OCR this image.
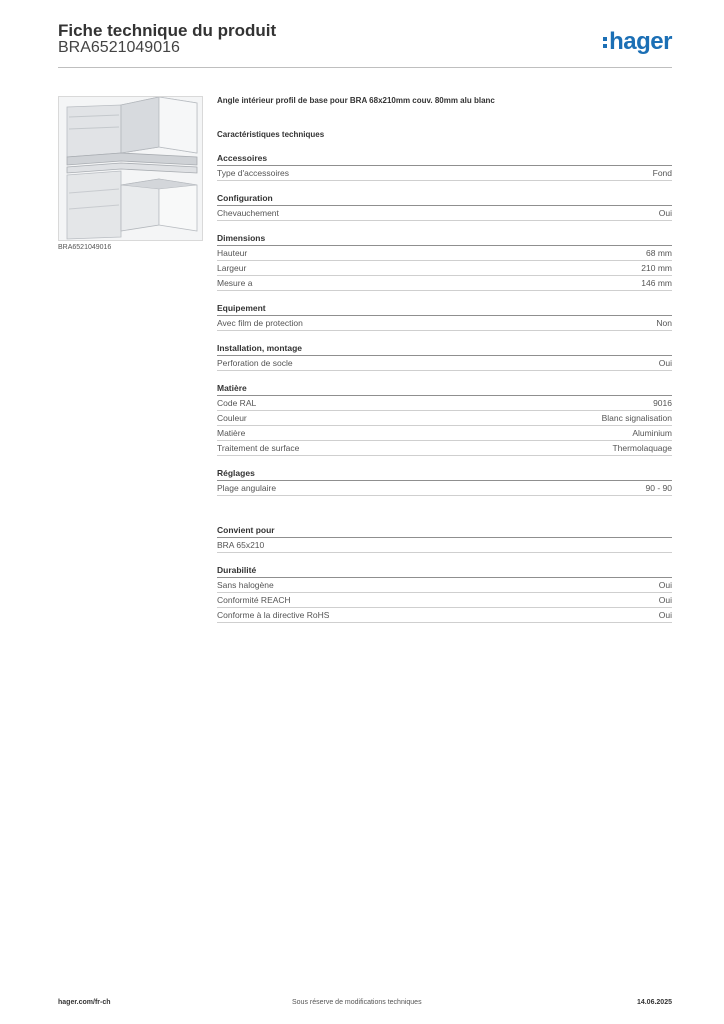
Fiche technique du produit
BRA6521049016	hager
BRA6521049016
Angle intérieur profil de base pour BRA 68x210mm couv. 80mm alu blanc
Caractéristiques techniques
Accessoires
Type d'accessoires	Fond
Configuration
Chevauchement	Oui
Dimensions
Hauteur	68 mm
Largeur	210 mm
Mesure a	146 mm
Equipement
Avec film de protection	Non
Installation, montage
Perforation de socle	Oui
Matière
Code RAL	9016
Couleur	Blanc signalisation
Matière	Aluminium
Traitement de surface	Thermolaquage
Réglages
Plage angulaire	90 - 90
Convient pour
BRA 65x210
Durabilité
Sans halogène	Oui
Conformité REACH	Oui
Conforme à la directive RoHS	Oui
hager.com/fr-ch	Sous réserve de modifications techniques	14.06.2025
